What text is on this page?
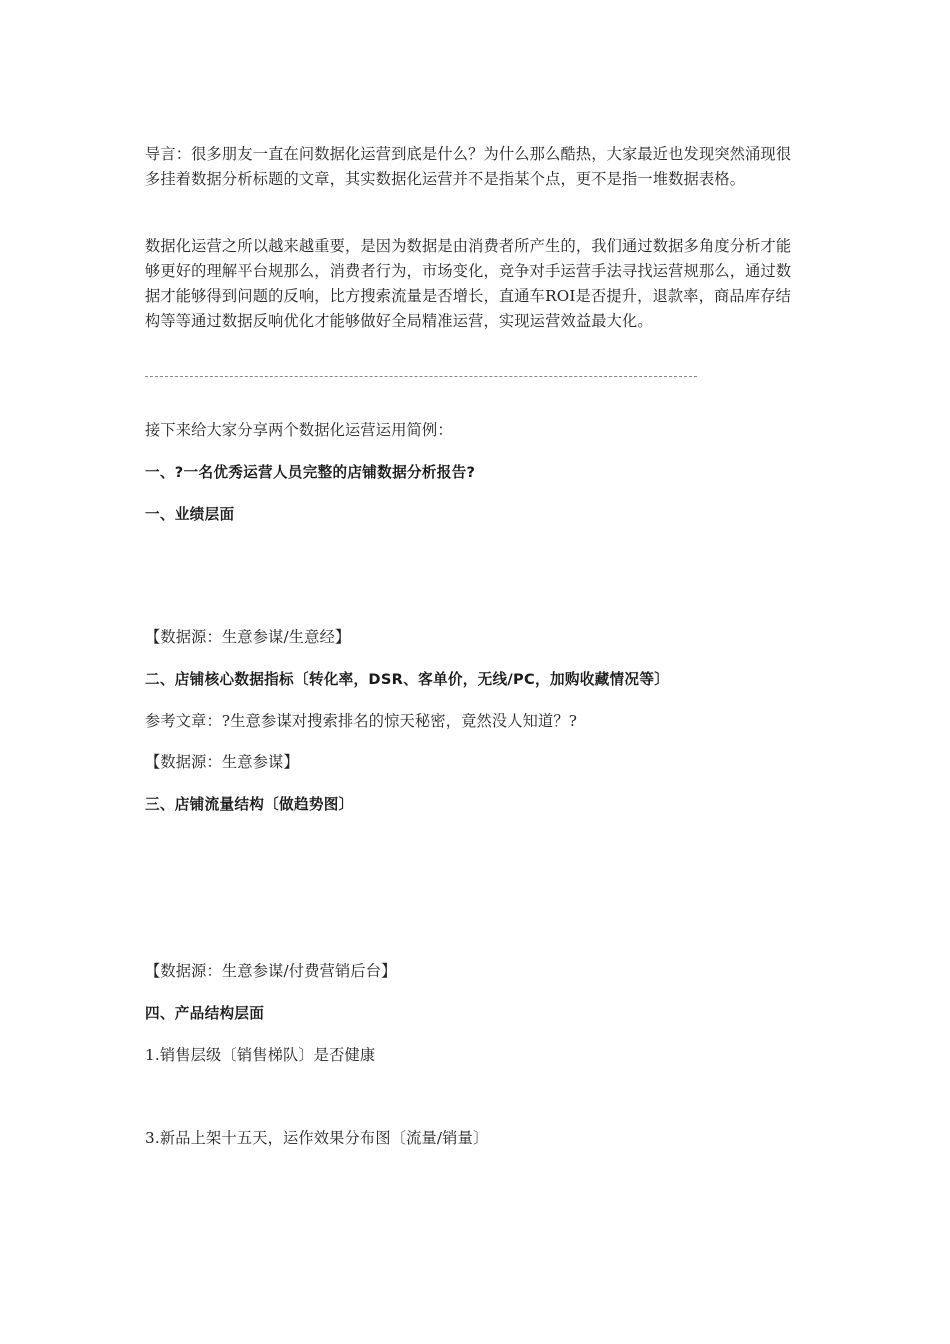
导言：很多朋友一直在问数据化运营到底是什么？为什么那么酷热，大家最近也发现突然涌现很多挂着数据分析标题的文章，其实数据化运营并不是指某个点，更不是指一堆数据表格。

数据化运营之所以越来越重要，是因为数据是由消费者所产生的，我们通过数据多角度分析才能够更好的理解平台规那么，消费者行为，市场变化，竞争对手运营手法寻找运营规那么，通过数据才能够得到问题的反响，比方搜索流量是否增长，直通车ROI是否提升，退款率，商品库存结构等等通过数据反响优化才能够做好全局精准运营，实现运营效益最大化。

接下来给大家分享两个数据化运营运用简例：

一、?一名优秀运营人员完整的店铺数据分析报告?

一、业绩层面

【数据源：生意参谋/生意经】

二、店铺核心数据指标〔转化率，DSR、客单价，无线/PC，加购收藏情况等〕

参考文章：?生意参谋对搜索排名的惊天秘密，竟然没人知道？?

【数据源：生意参谋】

三、店铺流量结构〔做趋势图〕

【数据源：生意参谋/付费营销后台】

四、产品结构层面

1.销售层级〔销售梯队〕是否健康

3.新品上架十五天，运作效果分布图〔流量/销量〕
